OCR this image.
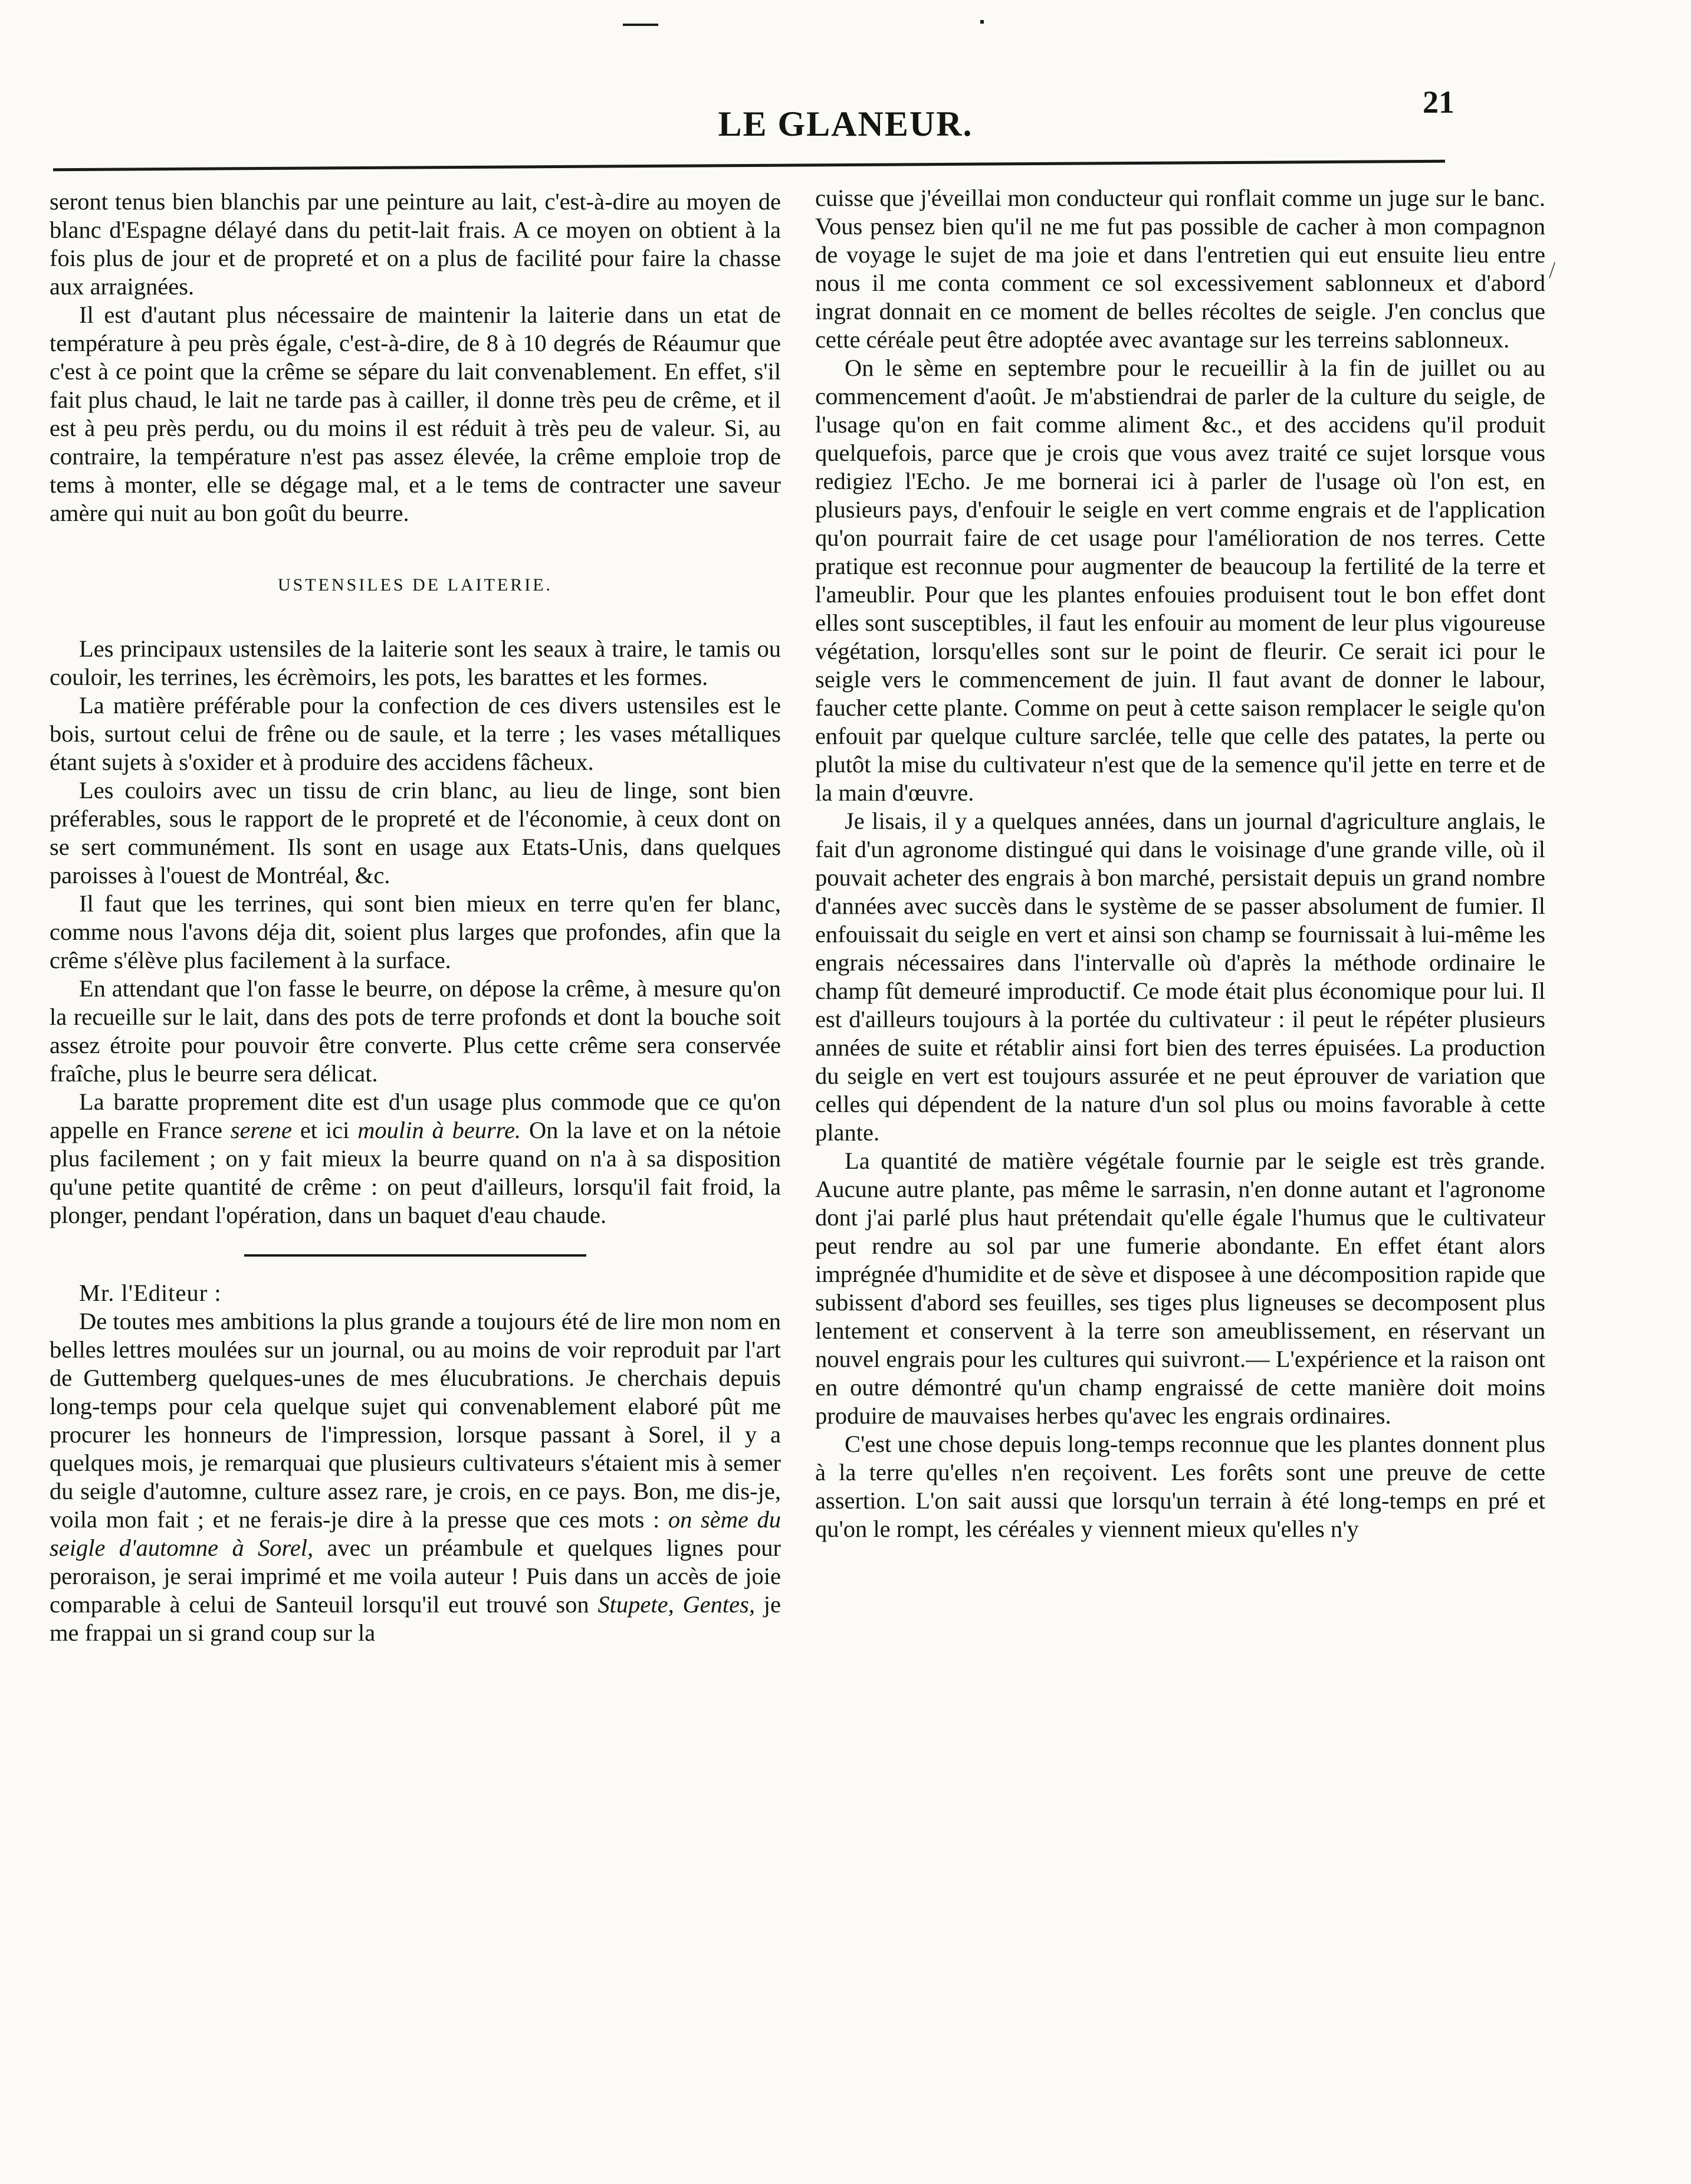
LE GLANEUR.
21
/

seront tenus bien blanchis par une peinture au lait, c'est-à-dire au moyen de blanc d'Espagne délayé dans du petit-lait frais. A ce moyen on obtient à la fois plus de jour et de propreté et on a plus de facilité pour faire la chasse aux arraignées.

Il est d'autant plus nécessaire de maintenir la laiterie dans un etat de température à peu près égale, c'est-à-dire, de 8 à 10 degrés de Réaumur que c'est à ce point que la crême se sépare du lait convenablement. En effet, s'il fait plus chaud, le lait ne tarde pas à cailler, il donne très peu de crême, et il est à peu près perdu, ou du moins il est réduit à très peu de valeur. Si, au contraire, la température n'est pas assez élevée, la crême emploie trop de tems à monter, elle se dégage mal, et a le tems de contracter une saveur amère qui nuit au bon goût du beurre.

USTENSILES DE LAITERIE.

Les principaux ustensiles de la laiterie sont les seaux à traire, le tamis ou couloir, les terrines, les écrèmoirs, les pots, les barattes et les formes.

La matière préférable pour la confection de ces divers ustensiles est le bois, surtout celui de frêne ou de saule, et la terre ; les vases métalliques étant sujets à s'oxider et à produire des accidens fâcheux.

Les couloirs avec un tissu de crin blanc, au lieu de linge, sont bien préferables, sous le rapport de le propreté et de l'économie, à ceux dont on se sert communément. Ils sont en usage aux Etats-Unis, dans quelques paroisses à l'ouest de Montréal, &c.

Il faut que les terrines, qui sont bien mieux en terre qu'en fer blanc, comme nous l'avons déja dit, soient plus larges que profondes, afin que la crême s'élève plus facilement à la surface.

En attendant que l'on fasse le beurre, on dépose la crême, à mesure qu'on la recueille sur le lait, dans des pots de terre profonds et dont la bouche soit assez étroite pour pouvoir être converte. Plus cette crême sera conservée fraîche, plus le beurre sera délicat.

La baratte proprement dite est d'un usage plus commode que ce qu'on appelle en France serene et ici moulin à beurre. On la lave et on la nétoie plus facilement ; on y fait mieux la beurre quand on n'a à sa disposition qu'une petite quantité de crême : on peut d'ailleurs, lorsqu'il fait froid, la plonger, pendant l'opération, dans un baquet d'eau chaude.

Mr. l'Editeur :

De toutes mes ambitions la plus grande a toujours été de lire mon nom en belles lettres moulées sur un journal, ou au moins de voir reproduit par l'art de Guttemberg quelques-unes de mes élucubrations. Je cherchais depuis long-temps pour cela quelque sujet qui convenablement elaboré pût me procurer les honneurs de l'impression, lorsque passant à Sorel, il y a quelques mois, je remarquai que plusieurs cultivateurs s'étaient mis à semer du seigle d'automne, culture assez rare, je crois, en ce pays. Bon, me dis-je, voila mon fait ; et ne ferais-je dire à la presse que ces mots : on sème du seigle d'automne à Sorel, avec un préambule et quelques lignes pour peroraison, je serai imprimé et me voila auteur ! Puis dans un accès de joie comparable à celui de Santeuil lorsqu'il eut trouvé son Stupete, Gentes, je me frappai un si grand coup sur la

cuisse que j'éveillai mon conducteur qui ronflait comme un juge sur le banc. Vous pensez bien qu'il ne me fut pas possible de cacher à mon compagnon de voyage le sujet de ma joie et dans l'entretien qui eut ensuite lieu entre nous il me conta comment ce sol excessivement sablonneux et d'abord ingrat donnait en ce moment de belles récoltes de seigle. J'en conclus que cette céréale peut être adoptée avec avantage sur les terreins sablonneux.

On le sème en septembre pour le recueillir à la fin de juillet ou au commencement d'août. Je m'abstiendrai de parler de la culture du seigle, de l'usage qu'on en fait comme aliment &c., et des accidens qu'il produit quelquefois, parce que je crois que vous avez traité ce sujet lorsque vous redigiez l'Echo. Je me bornerai ici à parler de l'usage où l'on est, en plusieurs pays, d'enfouir le seigle en vert comme engrais et de l'application qu'on pourrait faire de cet usage pour l'amélioration de nos terres. Cette pratique est reconnue pour augmenter de beaucoup la fertilité de la terre et l'ameublir. Pour que les plantes enfouies produisent tout le bon effet dont elles sont susceptibles, il faut les enfouir au moment de leur plus vigoureuse végétation, lorsqu'elles sont sur le point de fleurir. Ce serait ici pour le seigle vers le commencement de juin. Il faut avant de donner le labour, faucher cette plante. Comme on peut à cette saison remplacer le seigle qu'on enfouit par quelque culture sarclée, telle que celle des patates, la perte ou plutôt la mise du cultivateur n'est que de la semence qu'il jette en terre et de la main d'œuvre.

Je lisais, il y a quelques années, dans un journal d'agriculture anglais, le fait d'un agronome distingué qui dans le voisinage d'une grande ville, où il pouvait acheter des engrais à bon marché, persistait depuis un grand nombre d'années avec succès dans le système de se passer absolument de fumier. Il enfouissait du seigle en vert et ainsi son champ se fournissait à lui-même les engrais nécessaires dans l'intervalle où d'après la méthode ordinaire le champ fût demeuré improductif. Ce mode était plus économique pour lui. Il est d'ailleurs toujours à la portée du cultivateur : il peut le répéter plusieurs années de suite et rétablir ainsi fort bien des terres épuisées. La production du seigle en vert est toujours assurée et ne peut éprouver de variation que celles qui dépendent de la nature d'un sol plus ou moins favorable à cette plante.

La quantité de matière végétale fournie par le seigle est très grande. Aucune autre plante, pas même le sarrasin, n'en donne autant et l'agronome dont j'ai parlé plus haut prétendait qu'elle égale l'humus que le cultivateur peut rendre au sol par une fumerie abondante. En effet étant alors imprégnée d'humidite et de sève et disposee à une décomposition rapide que subissent d'abord ses feuilles, ses tiges plus ligneuses se decomposent plus lentement et conservent à la terre son ameublissement, en réservant un nouvel engrais pour les cultures qui suivront.— L'expérience et la raison ont en outre démontré qu'un champ engraissé de cette manière doit moins produire de mauvaises herbes qu'avec les engrais ordinaires.

C'est une chose depuis long-temps reconnue que les plantes donnent plus à la terre qu'elles n'en reçoivent. Les forêts sont une preuve de cette assertion. L'on sait aussi que lorsqu'un terrain à été long-temps en pré et qu'on le rompt, les céréales y viennent mieux qu'elles n'y
